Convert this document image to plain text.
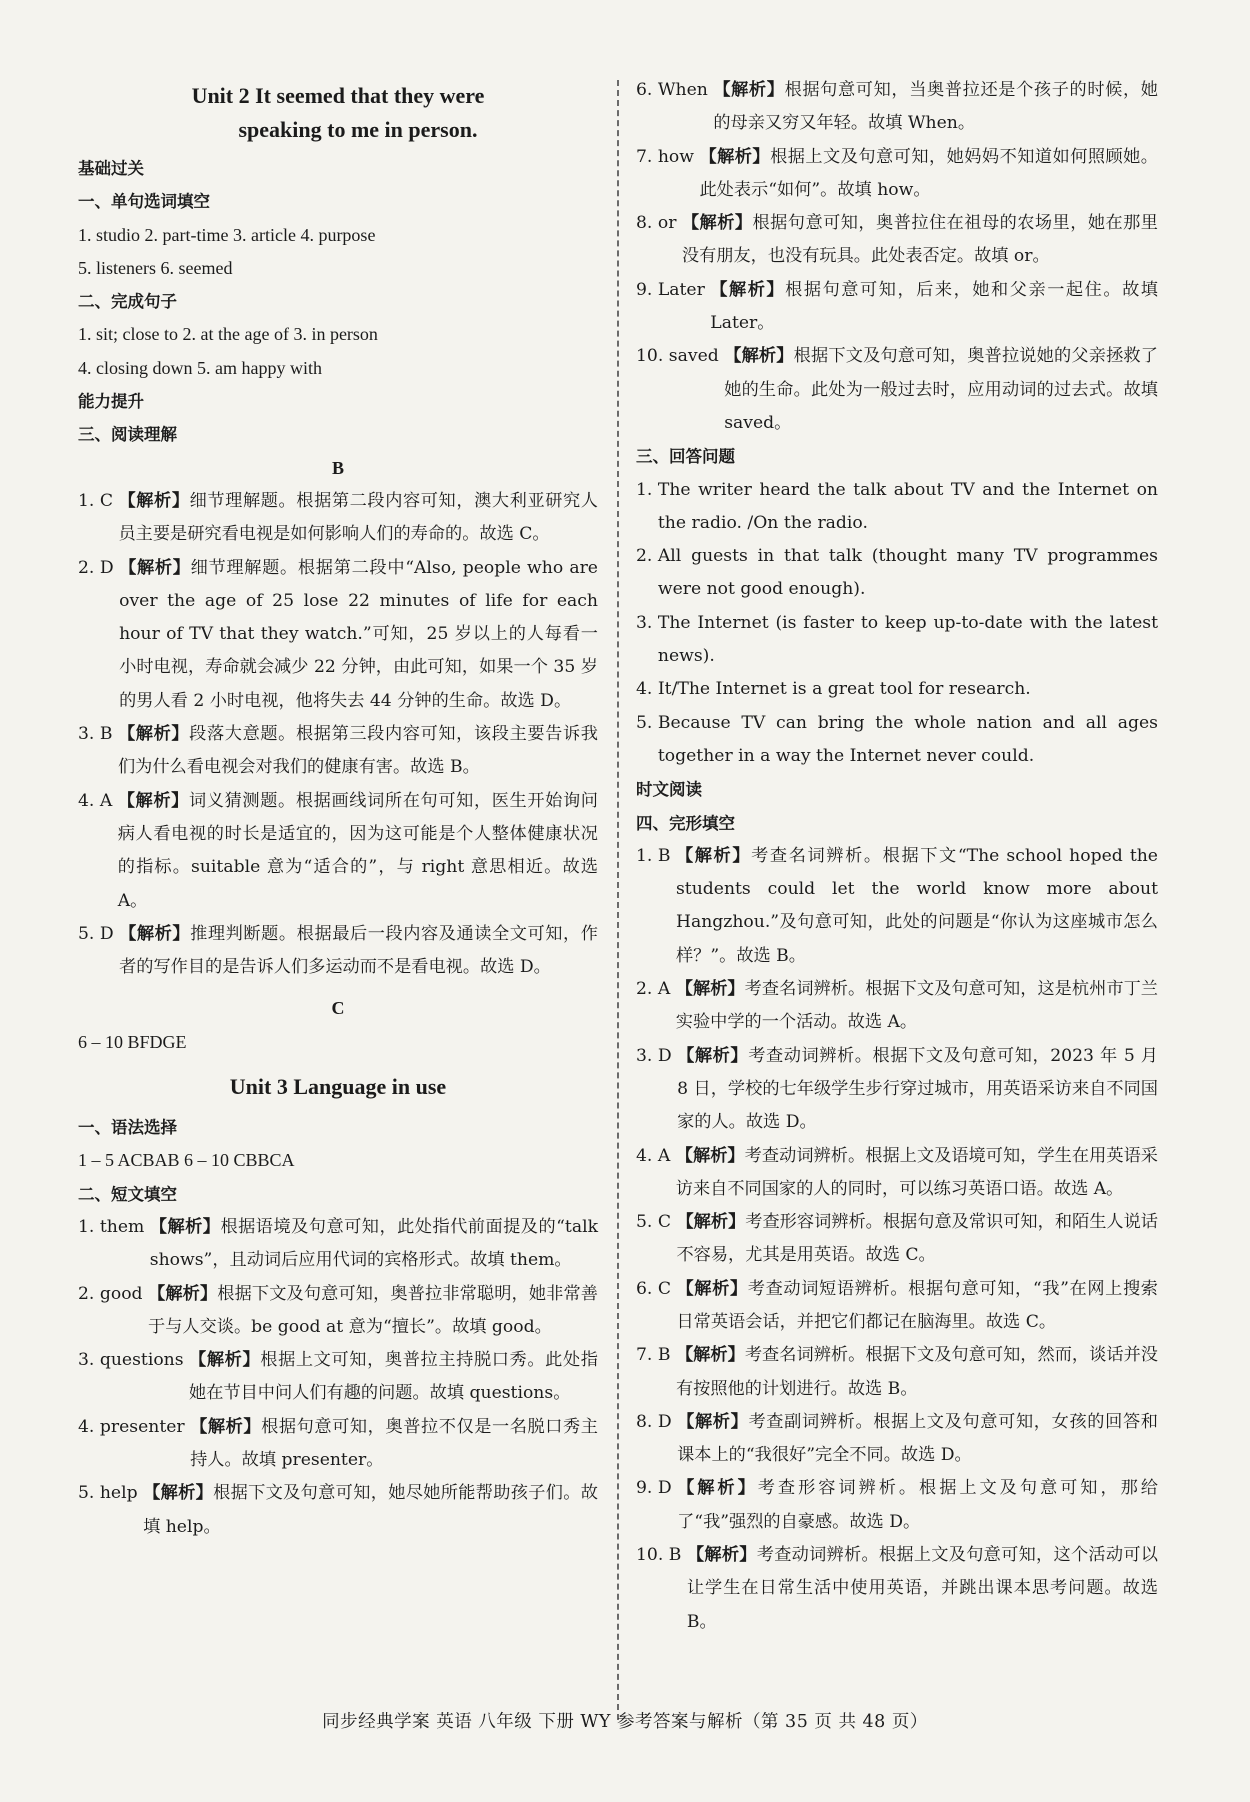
Unit 2 It seemed that they were
speaking to me in person.

基础过关

一、单句选词填空

1. studio 2. part-time 3. article 4. purpose

5. listeners 6. seemed

二、完成句子

1. sit; close to 2. at the age of 3. in person

4. closing down 5. am happy with

能力提升

三、阅读理解

B

1. C 【解析】细节理解题。根据第二段内容可知，澳大利亚研究人员主要是研究看电视是如何影响人们的寿命的。故选 C。
2. D 【解析】细节理解题。根据第二段中“Also, people who are over the age of 25 lose 22 minutes of life for each hour of TV that they watch.”可知，25 岁以上的人每看一小时电视，寿命就会减少 22 分钟，由此可知，如果一个 35 岁的男人看 2 小时电视，他将失去 44 分钟的生命。故选 D。
3. B 【解析】段落大意题。根据第三段内容可知，该段主要告诉我们为什么看电视会对我们的健康有害。故选 B。
4. A 【解析】词义猜测题。根据画线词所在句可知，医生开始询问病人看电视的时长是适宜的，因为这可能是个人整体健康状况的指标。suitable 意为“适合的”，与 right 意思相近。故选 A。
5. D 【解析】推理判断题。根据最后一段内容及通读全文可知，作者的写作目的是告诉人们多运动而不是看电视。故选 D。

C

6 – 10 BFDGE

Unit 3 Language in use

一、语法选择

1 – 5 ACBAB 6 – 10 CBBCA

二、短文填空

1. them 【解析】根据语境及句意可知，此处指代前面提及的“talk shows”，且动词后应用代词的宾格形式。故填 them。
2. good 【解析】根据下文及句意可知，奥普拉非常聪明，她非常善于与人交谈。be good at 意为“擅长”。故填 good。
3. questions 【解析】根据上文可知，奥普拉主持脱口秀。此处指她在节目中问人们有趣的问题。故填 questions。
4. presenter 【解析】根据句意可知，奥普拉不仅是一名脱口秀主持人。故填 presenter。
5. help 【解析】根据下文及句意可知，她尽她所能帮助孩子们。故填 help。
6. When 【解析】根据句意可知，当奥普拉还是个孩子的时候，她的母亲又穷又年轻。故填 When。
7. how 【解析】根据上文及句意可知，她妈妈不知道如何照顾她。此处表示“如何”。故填 how。
8. or 【解析】根据句意可知，奥普拉住在祖母的农场里，她在那里没有朋友，也没有玩具。此处表否定。故填 or。
9. Later 【解析】根据句意可知，后来，她和父亲一起住。故填 Later。
10. saved 【解析】根据下文及句意可知，奥普拉说她的父亲拯救了她的生命。此处为一般过去时，应用动词的过去式。故填 saved。

三、回答问题

1. The writer heard the talk about TV and the Internet on the radio. /On the radio.
2. All guests in that talk (thought many TV programmes were not good enough).
3. The Internet (is faster to keep up-to-date with the latest news).
4. It/The Internet is a great tool for research.
5. Because TV can bring the whole nation and all ages together in a way the Internet never could.

时文阅读

四、完形填空

1. B 【解析】考查名词辨析。根据下文“The school hoped the students could let the world know more about Hangzhou.”及句意可知，此处的问题是“你认为这座城市怎么样？”。故选 B。
2. A 【解析】考查名词辨析。根据下文及句意可知，这是杭州市丁兰实验中学的一个活动。故选 A。
3. D 【解析】考查动词辨析。根据下文及句意可知，2023 年 5 月 8 日，学校的七年级学生步行穿过城市，用英语采访来自不同国家的人。故选 D。
4. A 【解析】考查动词辨析。根据上文及语境可知，学生在用英语采访来自不同国家的人的同时，可以练习英语口语。故选 A。
5. C 【解析】考查形容词辨析。根据句意及常识可知，和陌生人说话不容易，尤其是用英语。故选 C。
6. C 【解析】考查动词短语辨析。根据句意可知，“我”在网上搜索日常英语会话，并把它们都记在脑海里。故选 C。
7. B 【解析】考查名词辨析。根据下文及句意可知，然而，谈话并没有按照他的计划进行。故选 B。
8. D 【解析】考查副词辨析。根据上文及句意可知，女孩的回答和课本上的“我很好”完全不同。故选 D。
9. D 【解析】考查形容词辨析。根据上文及句意可知，那给了“我”强烈的自豪感。故选 D。
10. B 【解析】考查动词辨析。根据上文及句意可知，这个活动可以让学生在日常生活中使用英语，并跳出课本思考问题。故选 B。
同步经典学案 英语 八年级 下册 WY 参考答案与解析（第 35 页 共 48 页）
